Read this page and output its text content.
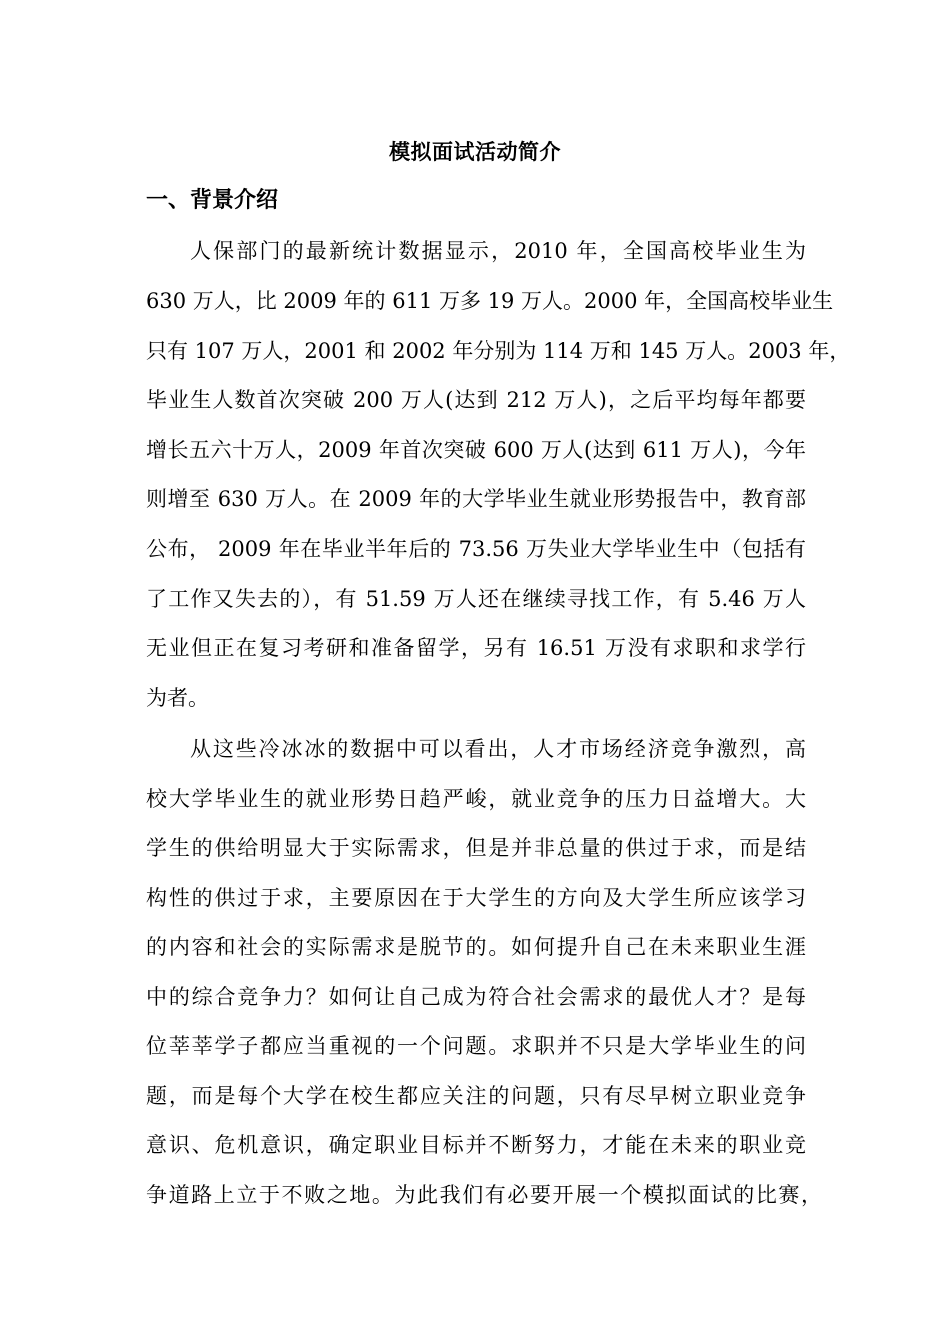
模拟面试活动简介
一、背景介绍
人保部门的最新统计数据显示，2010 年，全国高校毕业生为
630 万人，比 2009 年的 611 万多 19 万人。2000 年，全国高校毕业生
只有 107 万人，2001 和 2002 年分别为 114 万和 145 万人。2003 年，
毕业生人数首次突破 200 万人(达到 212 万人)，之后平均每年都要
增长五六十万人，2009 年首次突破 600 万人(达到 611 万人)，今年
则增至 630 万人。在 2009 年的大学毕业生就业形势报告中，教育部
公布， 2009 年在毕业半年后的 73.56 万失业大学毕业生中（包括有
了工作又失去的），有 51.59 万人还在继续寻找工作，有 5.46 万人
无业但正在复习考研和准备留学，另有 16.51 万没有求职和求学行
为者。
从这些冷冰冰的数据中可以看出，人才市场经济竞争激烈，高
校大学毕业生的就业形势日趋严峻，就业竞争的压力日益增大。大
学生的供给明显大于实际需求，但是并非总量的供过于求，而是结
构性的供过于求，主要原因在于大学生的方向及大学生所应该学习
的内容和社会的实际需求是脱节的。如何提升自己在未来职业生涯
中的综合竞争力？如何让自己成为符合社会需求的最优人才？是每
位莘莘学子都应当重视的一个问题。求职并不只是大学毕业生的问
题，而是每个大学在校生都应关注的问题，只有尽早树立职业竞争
意识、危机意识，确定职业目标并不断努力，才能在未来的职业竞
争道路上立于不败之地。为此我们有必要开展一个模拟面试的比赛，
